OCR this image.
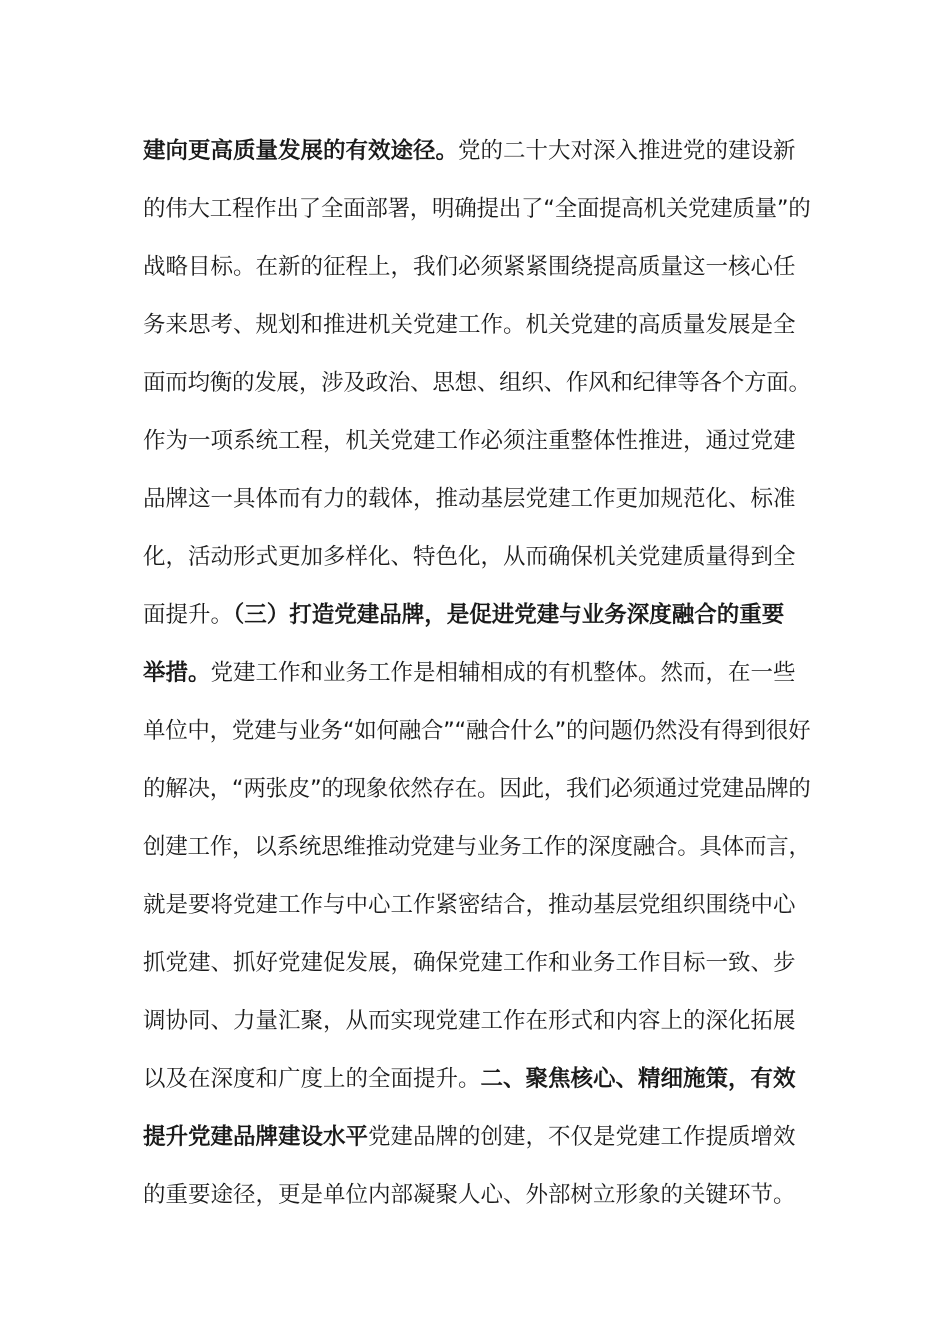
建向更高质量发展的有效途径。党的二十大对深入推进党的建设新
的伟大工程作出了全面部署，明确提出了“全面提高机关党建质量”的
战略目标。在新的征程上，我们必须紧紧围绕提高质量这一核心任
务来思考、规划和推进机关党建工作。机关党建的高质量发展是全
面而均衡的发展，涉及政治、思想、组织、作风和纪律等各个方面。
作为一项系统工程，机关党建工作必须注重整体性推进，通过党建
品牌这一具体而有力的载体，推动基层党建工作更加规范化、标准
化，活动形式更加多样化、特色化，从而确保机关党建质量得到全
面提升。（三）打造党建品牌，是促进党建与业务深度融合的重要
举措。党建工作和业务工作是相辅相成的有机整体。然而，在一些
单位中，党建与业务“如何融合”“融合什么”的问题仍然没有得到很好
的解决，“两张皮”的现象依然存在。因此，我们必须通过党建品牌的
创建工作，以系统思维推动党建与业务工作的深度融合。具体而言，
就是要将党建工作与中心工作紧密结合，推动基层党组织围绕中心
抓党建、抓好党建促发展，确保党建工作和业务工作目标一致、步
调协同、力量汇聚，从而实现党建工作在形式和内容上的深化拓展
以及在深度和广度上的全面提升。二、聚焦核心、精细施策，有效
提升党建品牌建设水平党建品牌的创建，不仅是党建工作提质增效
的重要途径，更是单位内部凝聚人心、外部树立形象的关键环节。
